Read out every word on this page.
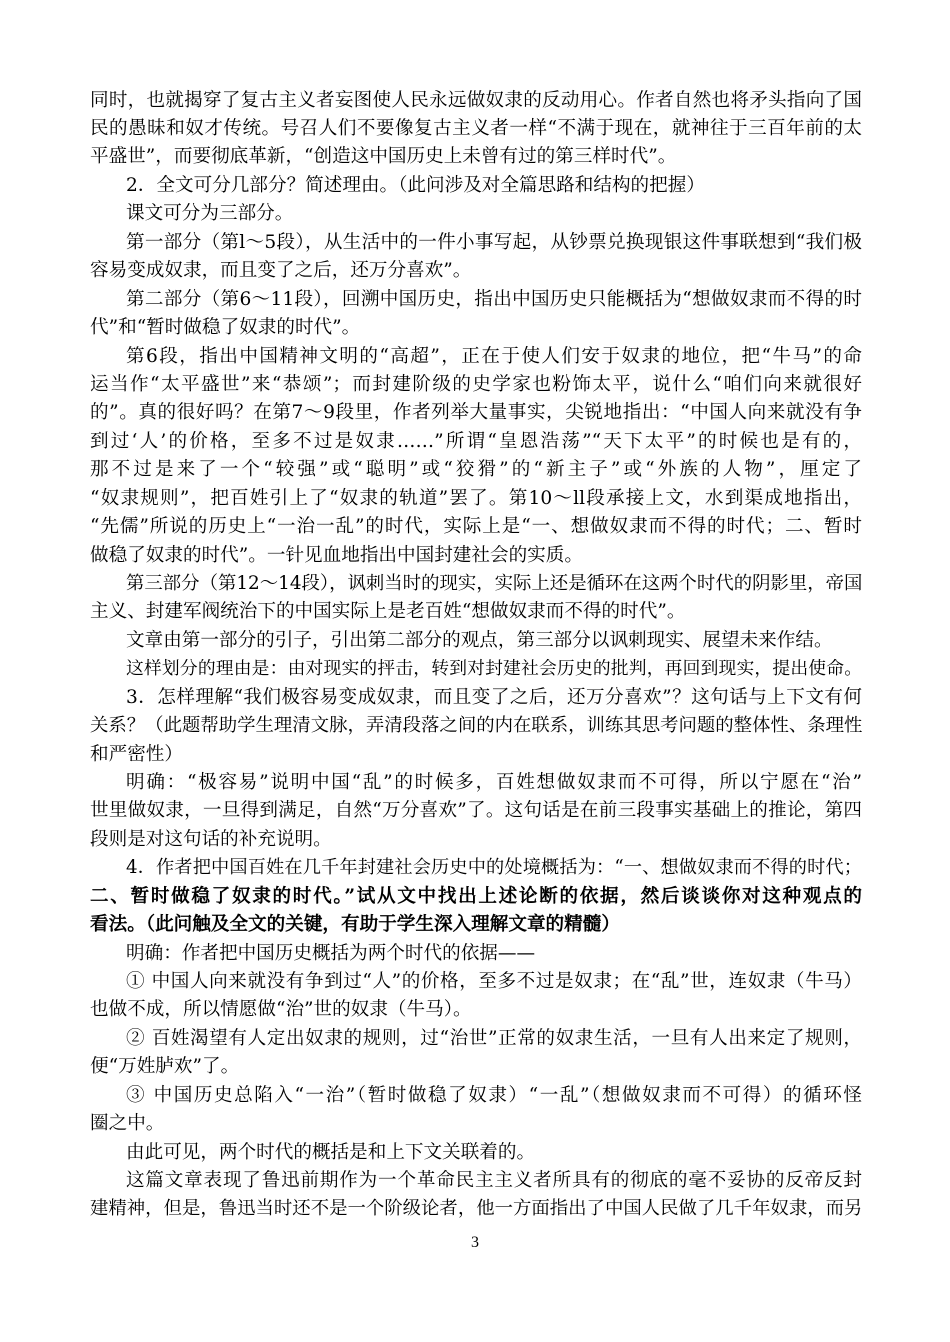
同时，也就揭穿了复古主义者妄图使人民永远做奴隶的反动用心。作者自然也将矛头指向了国
民的愚昧和奴才传统。号召人们不要像复古主义者一样“不满于现在，就神往于三百年前的太
平盛世”，而要彻底革新，“创造这中国历史上未曾有过的第三样时代”。
2．全文可分几部分？简述理由。（此问涉及对全篇思路和结构的把握）
课文可分为三部分。
第一部分（第l～5段），从生活中的一件小事写起，从钞票兑换现银这件事联想到“我们极
容易变成奴隶，而且变了之后，还万分喜欢”。
第二部分（第6～11段），回溯中国历史，指出中国历史只能概括为“想做奴隶而不得的时
代”和“暂时做稳了奴隶的时代”。
第6段，指出中国精神文明的“高超”，正在于使人们安于奴隶的地位，把“牛马”的命
运当作“太平盛世”来“恭颂”；而封建阶级的史学家也粉饰太平，说什么“咱们向来就很好
的”。真的很好吗？在第7～9段里，作者列举大量事实，尖锐地指出：“中国人向来就没有争
到过‘人’的价格，至多不过是奴隶……”所谓“皇恩浩荡”“天下太平”的时候也是有的，
那不过是来了一个“较强”或“聪明”或“狡猾”的“新主子”或“外族的人物”，厘定了
“奴隶规则”，把百姓引上了“奴隶的轨道”罢了。第10～ll段承接上文，水到渠成地指出，
“先儒”所说的历史上“一治一乱”的时代，实际上是“一、想做奴隶而不得的时代；二、暂时
做稳了奴隶的时代”。一针见血地指出中国封建社会的实质。
第三部分（第12～14段），讽刺当时的现实，实际上还是循环在这两个时代的阴影里，帝国
主义、封建军阀统治下的中国实际上是老百姓“想做奴隶而不得的时代”。
文章由第一部分的引子，引出第二部分的观点，第三部分以讽刺现实、展望未来作结。
这样划分的理由是：由对现实的抨击，转到对封建社会历史的批判，再回到现实，提出使命。
3．怎样理解“我们极容易变成奴隶，而且变了之后，还万分喜欢”？这句话与上下文有何
关系？（此题帮助学生理清文脉，弄清段落之间的内在联系，训练其思考问题的整体性、条理性
和严密性）
明确：“极容易”说明中国“乱”的时候多，百姓想做奴隶而不可得，所以宁愿在“治”
世里做奴隶，一旦得到满足，自然“万分喜欢”了。这句话是在前三段事实基础上的推论，第四
段则是对这句话的补充说明。
4．作者把中国百姓在几千年封建社会历史中的处境概括为：“一、想做奴隶而不得的时代；
二、暂时做稳了奴隶的时代。”试从文中找出上述论断的依据，然后谈谈你对这种观点的
看法。（此问触及全文的关键，有助于学生深入理解文章的精髓）
明确：作者把中国历史概括为两个时代的依据——
① 中国人向来就没有争到过“人”的价格，至多不过是奴隶；在“乱”世，连奴隶（牛马）
也做不成，所以情愿做“治”世的奴隶（牛马）。
② 百姓渴望有人定出奴隶的规则，过“治世”正常的奴隶生活，一旦有人出来定了规则，
便“万姓胪欢”了。
③ 中国历史总陷入“一治”（暂时做稳了奴隶）“一乱”（想做奴隶而不可得）的循环怪
圈之中。
由此可见，两个时代的概括是和上下文关联着的。
这篇文章表现了鲁迅前期作为一个革命民主主义者所具有的彻底的毫不妥协的反帝反封
建精神，但是，鲁迅当时还不是一个阶级论者，他一方面指出了中国人民做了几千年奴隶，而另
3
